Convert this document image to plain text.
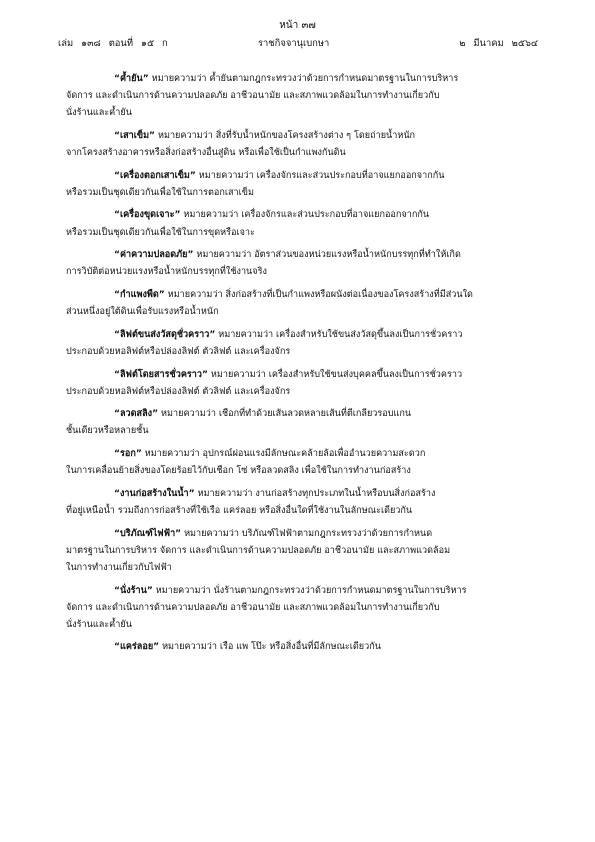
หน้า ๓๗
เล่ม ๑๓๘ ตอนที่ ๑๕ ก	ราชกิจจานุเบกษา	๒ มีนาคม ๒๕๖๔
“ค้ำยัน” หมายความว่า ค้ำยันตามกฎกระทรวงว่าด้วยการกำหนดมาตรฐานในการบริหาร
จัดการ และดำเนินการด้านความปลอดภัย อาชีวอนามัย และสภาพแวดล้อมในการทำงานเกี่ยวกับ
นั่งร้านและค้ำยัน
“เสาเข็ม” หมายความว่า สิ่งที่รับน้ำหนักของโครงสร้างต่าง ๆ โดยถ่ายน้ำหนัก
จากโครงสร้างอาคารหรือสิ่งก่อสร้างอื่นสู่ดิน หรือเพื่อใช้เป็นกำแพงกันดิน
“เครื่องตอกเสาเข็ม” หมายความว่า เครื่องจักรและส่วนประกอบที่อาจแยกออกจากกัน
หรือรวมเป็นชุดเดียวกันเพื่อใช้ในการตอกเสาเข็ม
“เครื่องขุดเจาะ” หมายความว่า เครื่องจักรและส่วนประกอบที่อาจแยกออกจากกัน
หรือรวมเป็นชุดเดียวกันเพื่อใช้ในการขุดหรือเจาะ
“ค่าความปลอดภัย” หมายความว่า อัตราส่วนของหน่วยแรงหรือน้ำหนักบรรทุกที่ทำให้เกิด
การวิบัติต่อหน่วยแรงหรือน้ำหนักบรรทุกที่ใช้งานจริง
“กำแพงพืด” หมายความว่า สิ่งก่อสร้างที่เป็นกำแพงหรือผนังต่อเนื่องของโครงสร้างที่มีส่วนใด
ส่วนหนึ่งอยู่ใต้ดินเพื่อรับแรงหรือน้ำหนัก
“ลิฟต์ขนส่งวัสดุชั่วคราว” หมายความว่า เครื่องสำหรับใช้ขนส่งวัสดุขึ้นลงเป็นการชั่วคราว
ประกอบด้วยหอลิฟต์หรือปล่องลิฟต์ ตัวลิฟต์ และเครื่องจักร
“ลิฟต์โดยสารชั่วคราว” หมายความว่า เครื่องสำหรับใช้ขนส่งบุคคลขึ้นลงเป็นการชั่วคราว
ประกอบด้วยหอลิฟต์หรือปล่องลิฟต์ ตัวลิฟต์ และเครื่องจักร
“ลวดสลิง” หมายความว่า เชือกที่ทำด้วยเส้นลวดหลายเส้นที่ตีเกลียวรอบแกน
ชั้นเดียวหรือหลายชั้น
“รอก” หมายความว่า อุปกรณ์ผ่อนแรงมีลักษณะคล้ายล้อเพื่ออำนวยความสะดวก
ในการเคลื่อนย้ายสิ่งของโดยร้อยไว้กับเชือก โซ่ หรือลวดสลิง เพื่อใช้ในการทำงานก่อสร้าง
“งานก่อสร้างในน้ำ” หมายความว่า งานก่อสร้างทุกประเภทในน้ำหรือบนสิ่งก่อสร้าง
ที่อยู่เหนือน้ำ รวมถึงการก่อสร้างที่ใช้เรือ แคร่ลอย หรือสิ่งอื่นใดที่ใช้งานในลักษณะเดียวกัน
“บริภัณฑ์ไฟฟ้า” หมายความว่า บริภัณฑ์ไฟฟ้าตามกฎกระทรวงว่าด้วยการกำหนด
มาตรฐานในการบริหาร จัดการ และดำเนินการด้านความปลอดภัย อาชีวอนามัย และสภาพแวดล้อม
ในการทำงานเกี่ยวกับไฟฟ้า
“นั่งร้าน” หมายความว่า นั่งร้านตามกฎกระทรวงว่าด้วยการกำหนดมาตรฐานในการบริหาร
จัดการ และดำเนินการด้านความปลอดภัย อาชีวอนามัย และสภาพแวดล้อมในการทำงานเกี่ยวกับ
นั่งร้านและค้ำยัน
“แคร่ลอย” หมายความว่า เรือ แพ โป๊ะ หรือสิ่งอื่นที่มีลักษณะเดียวกัน
